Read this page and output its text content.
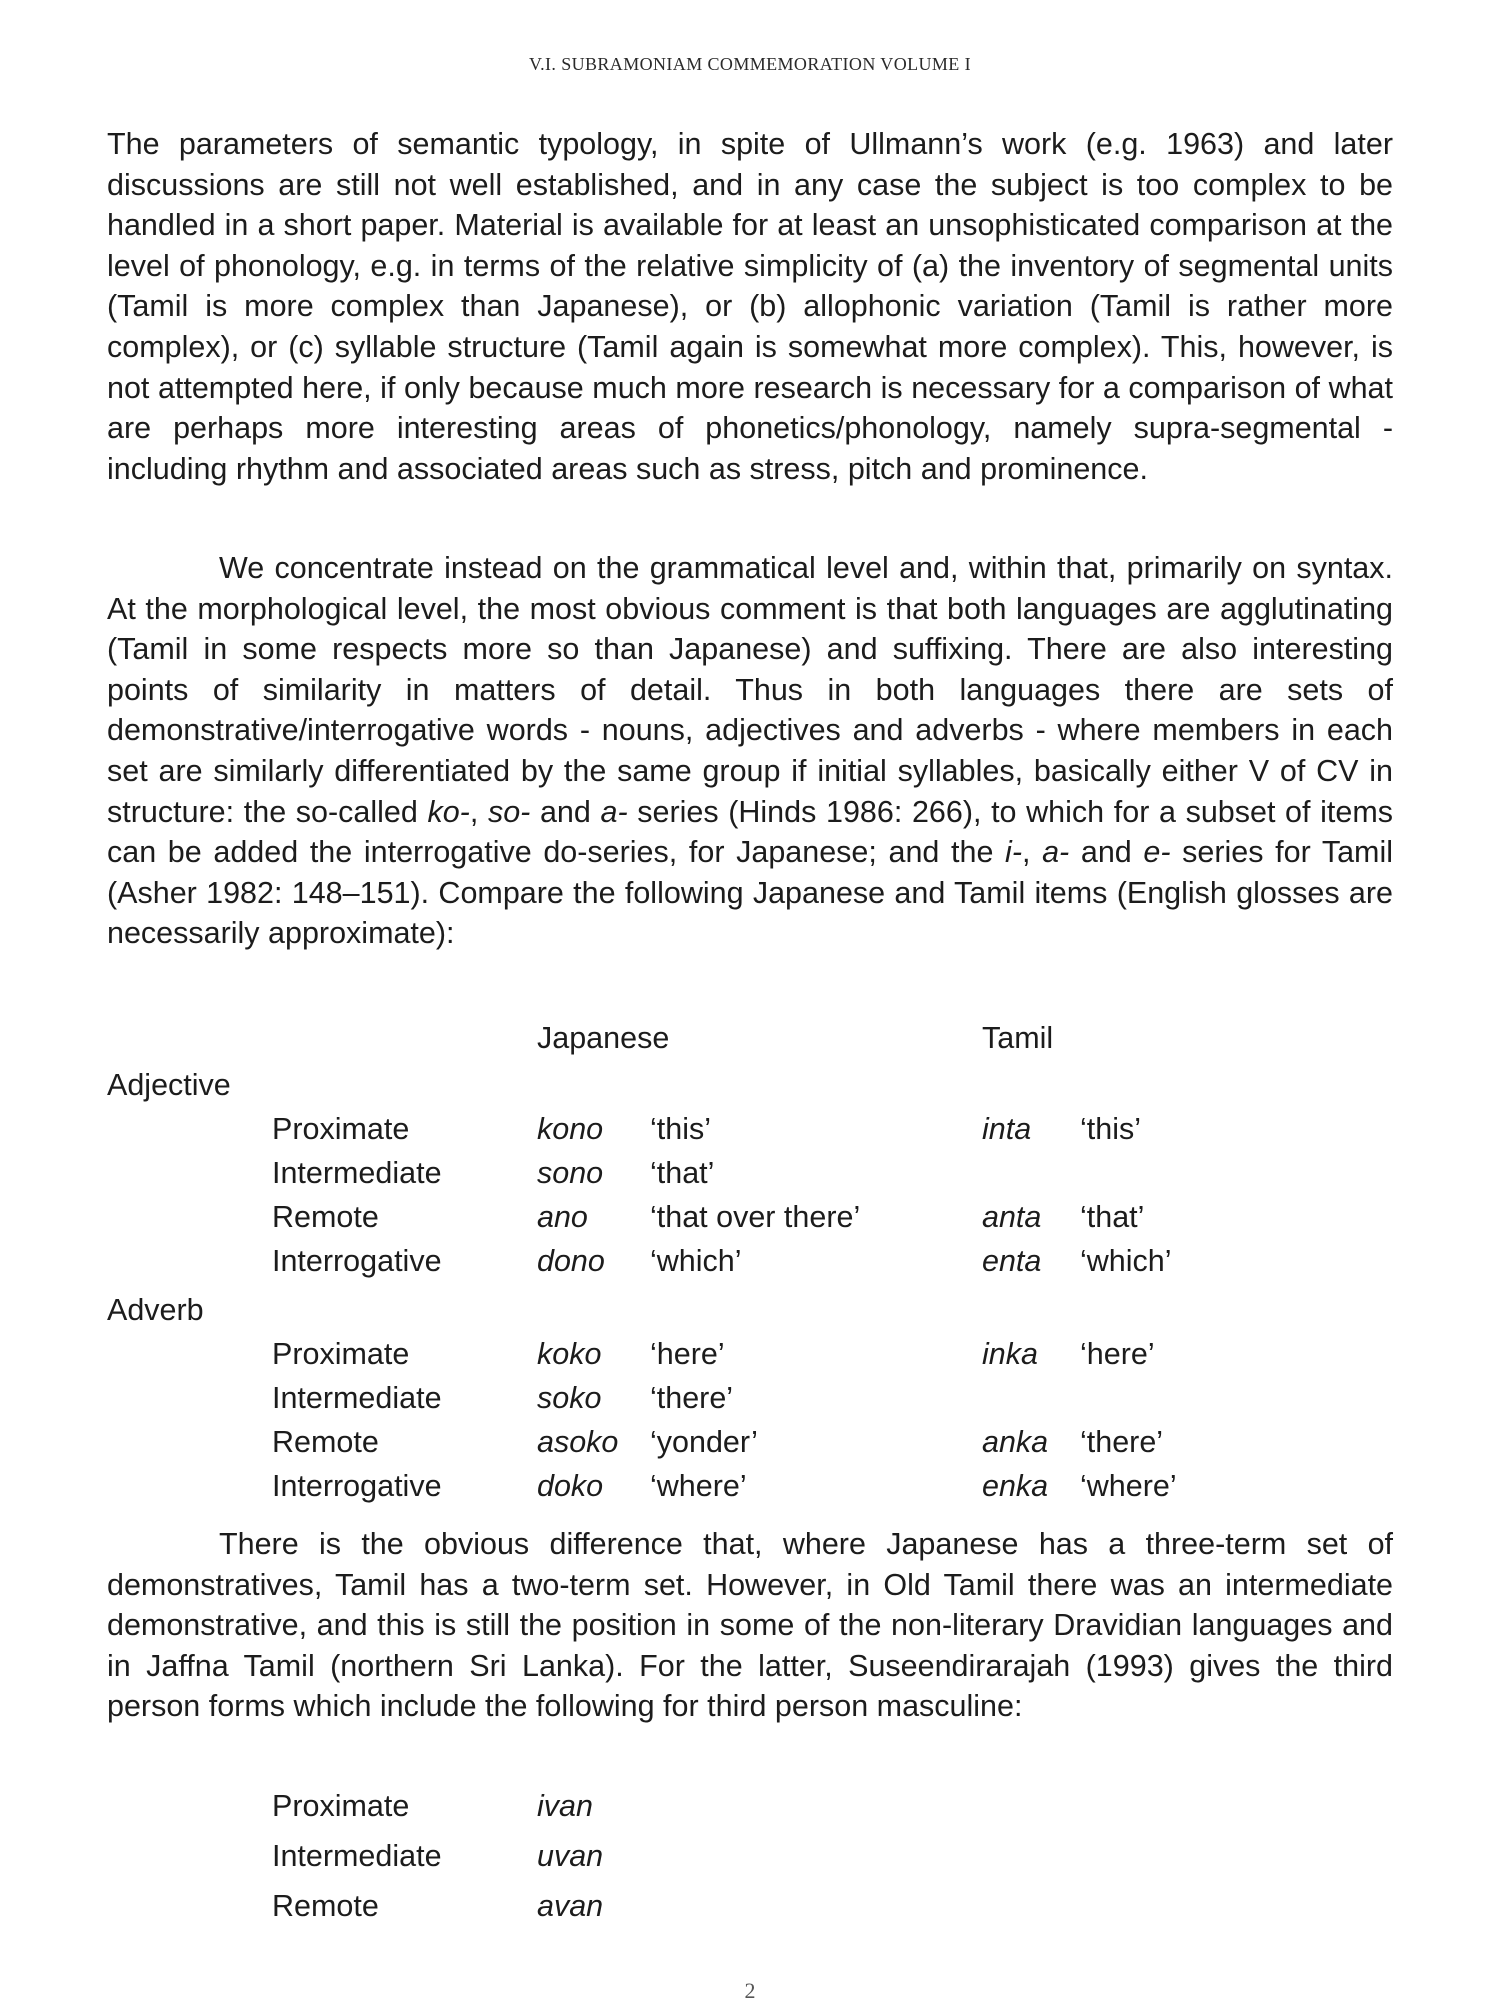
V.I. SUBRAMONIAM COMMEMORATION VOLUME I

The parameters of semantic typology, in spite of Ullmann’s work (e.g. 1963) and later discussions are still not well established, and in any case the subject is too complex to be handled in a short paper. Material is available for at least an unsophisticated comparison at the level of phonology, e.g. in terms of the relative simplicity of (a) the inventory of segmental units (Tamil is more complex than Japanese), or (b) allophonic variation (Tamil is rather more complex), or (c) syllable structure (Tamil again is somewhat more complex). This, however, is not attempted here, if only because much more research is necessary for a comparison of what are perhaps more interesting areas of phonetics/phonology, namely supra-segmental - including rhythm and associated areas such as stress, pitch and prominence.

We concentrate instead on the grammatical level and, within that, primarily on syntax. At the morphological level, the most obvious comment is that both languages are agglutinating (Tamil in some respects more so than Japanese) and suffixing. There are also interesting points of similarity in matters of detail. Thus in both languages there are sets of demonstrative/interrogative words - nouns, adjectives and adverbs - where members in each set are similarly differentiated by the same group if initial syllables, basically either V of CV in structure: the so-called ko-, so- and a- series (Hinds 1986: 266), to which for a subset of items can be added the interrogative do-series, for Japanese; and the i-, a- and e- series for Tamil (Asher 1982: 148–151). Compare the following Japanese and Tamil items (English glosses are necessarily approximate):

Japanese	Tamil
Adjective
Proximate	kono ‘this’	inta ‘this’
Intermediate	sono ‘that’
Remote	ano ‘that over there’	anta ‘that’
Interrogative	dono ‘which’	enta ‘which’
Adverb
Proximate	koko ‘here’	inka ‘here’
Intermediate	soko ‘there’
Remote	asoko ‘yonder’	anka ‘there’
Interrogative	doko ‘where’	enka ‘where’

There is the obvious difference that, where Japanese has a three-term set of demonstratives, Tamil has a two-term set. However, in Old Tamil there was an intermediate demonstrative, and this is still the position in some of the non-literary Dravidian languages and in Jaffna Tamil (northern Sri Lanka). For the latter, Suseendirarajah (1993) gives the third person forms which include the following for third person masculine:

Proximate	ivan
Intermediate	uvan
Remote	avan
2
